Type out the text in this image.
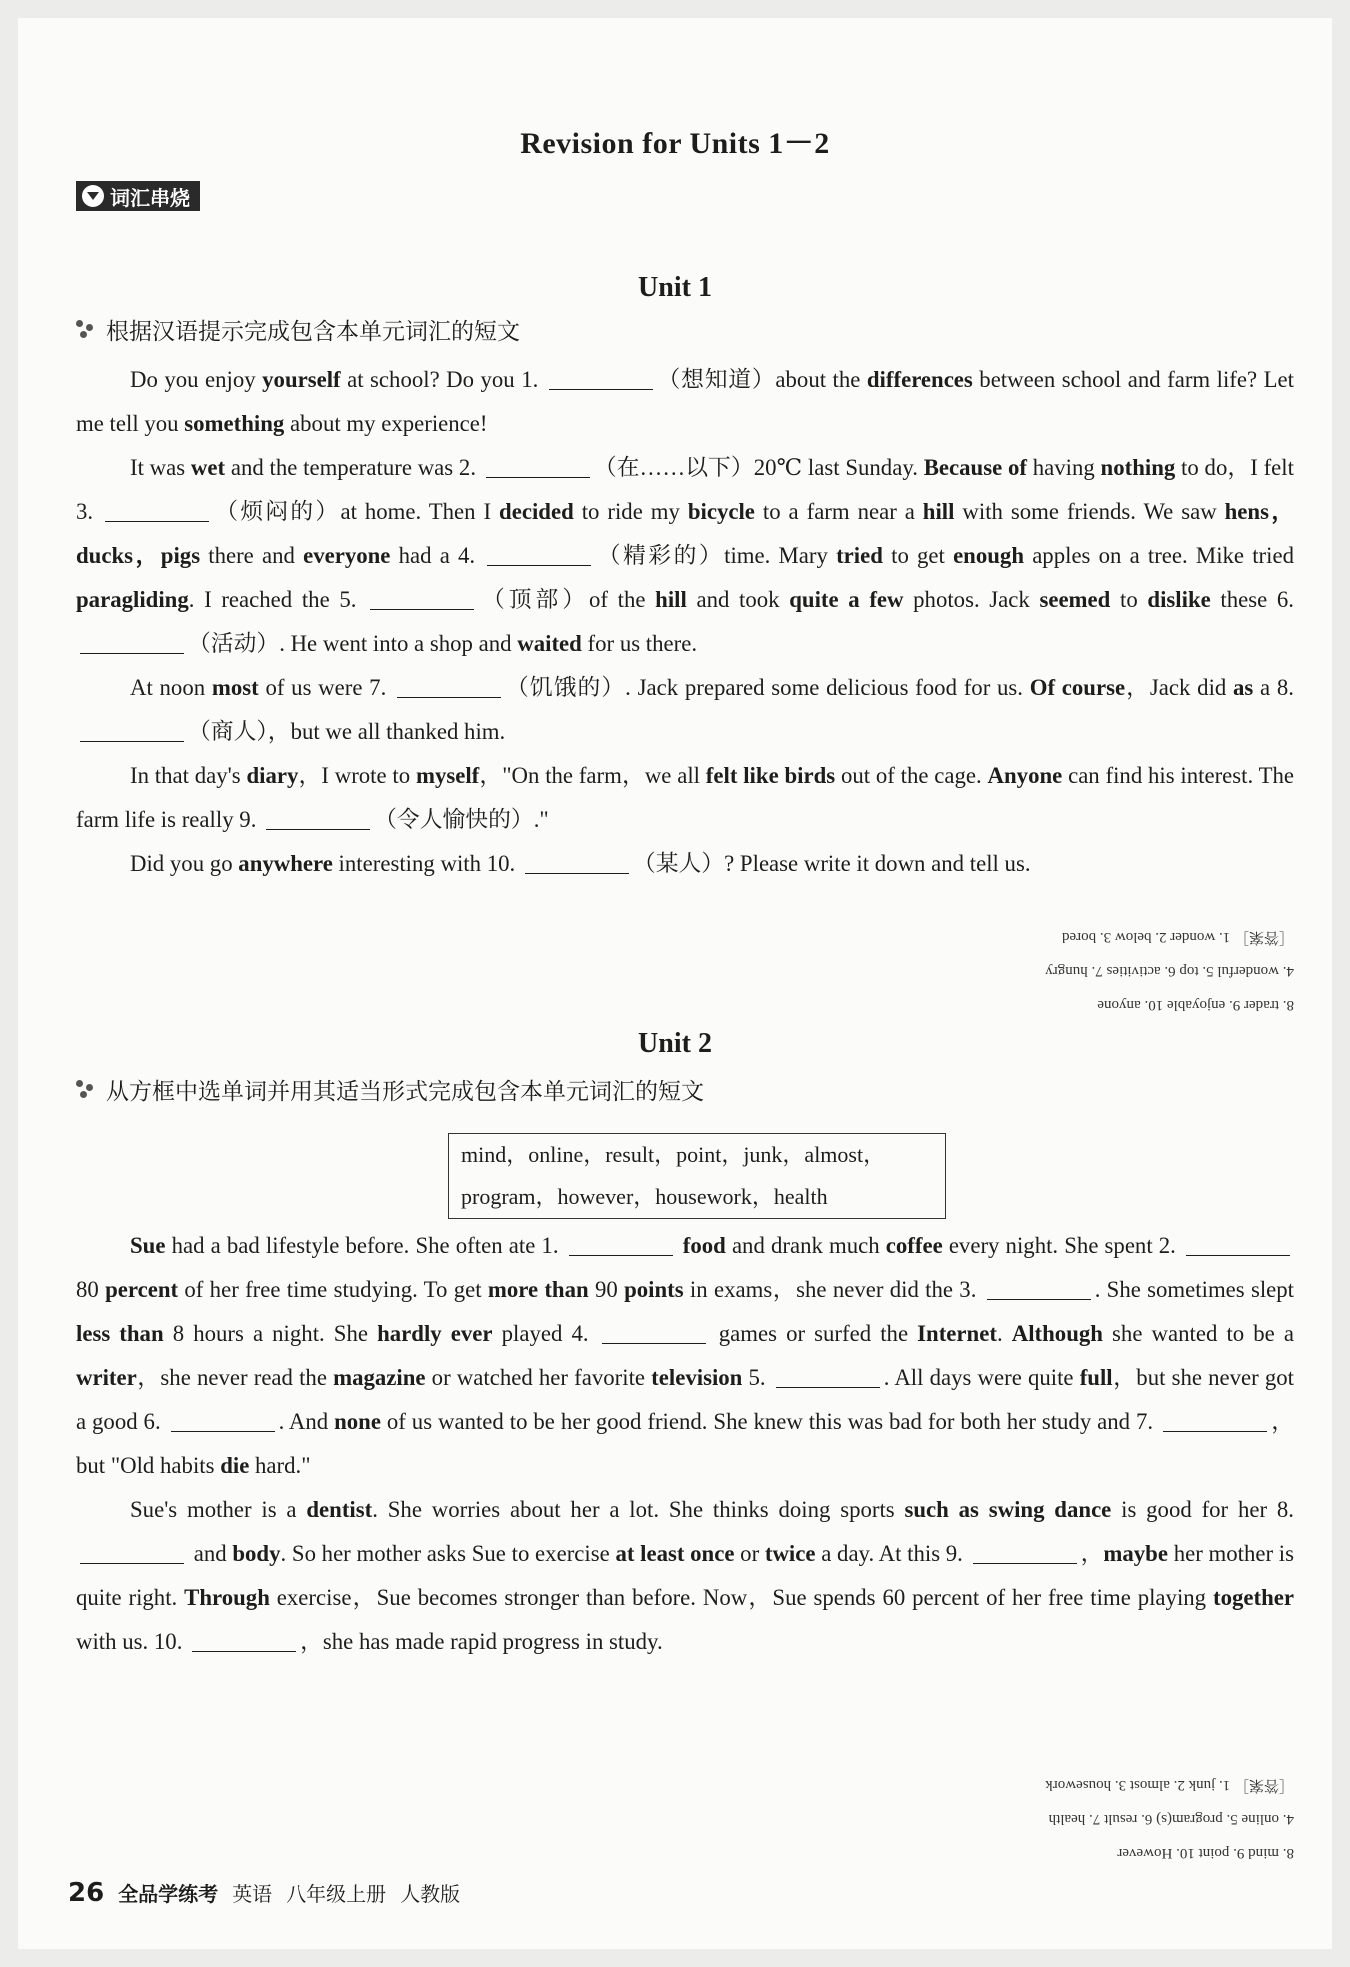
Revision for Units 1－2
词汇串烧
Unit 1
根据汉语提示完成包含本单元词汇的短文

Do you enjoy yourself at school? Do you 1.	（想知道）about the differences between school and farm life? Let me tell you something about my experience!

It was wet and the temperature was 2.	（在……以下）20℃ last Sunday. Because of having nothing to do，I felt 3.	（烦闷的）at home. Then I decided to ride my bicycle to a farm near a hill with some friends. We saw hens，ducks，pigs there and everyone had a 4.	（精彩的）time. Mary tried to get enough apples on a tree. Mike tried paragliding. I reached the 5.	（顶部）of the hill and took quite a few photos. Jack seemed to dislike these 6. （活动）. He went into a shop and waited for us there.

At noon most of us were 7.	（饥饿的）. Jack prepared some delicious food for us. Of course，Jack did as a 8. （商人），but we all thanked him.

In that day's diary，I wrote to myself，"On the farm，we all felt like birds out of the cage. Anyone can find his interest. The farm life is really 9.	（令人愉快的）."

Did you go anywhere interesting with 10.	（某人）? Please write it down and tell us.

8. trader 9. enjoyable 10. anyone
4. wonderful 5. top 6. activities 7. hungry
［答案］ 1. wonder 2. below 3. bored
Unit 2
从方框中选单词并用其适当形式完成包含本单元词汇的短文
mind，online，result，point，junk，almost，
program，however，housework，health

Sue had a bad lifestyle before. She often ate 1.	food and drank much coffee every night. She spent 2.  80 percent of her free time studying. To get more than 90 points in exams，she never did the 3.	. She sometimes slept less than 8 hours a night. She hardly ever played 4.	games or surfed the Internet. Although she wanted to be a writer，she never read the magazine or watched her favorite television 5.	. All days were quite full，but she never got a good 6.	. And none of us wanted to be her good friend. She knew this was bad for both her study and 7.	，but "Old habits die hard."

Sue's mother is a dentist. She worries about her a lot. She thinks doing sports such as swing dance is good for her 8.  and body. So her mother asks Sue to exercise at least once or twice a day. At this 9.	，maybe her mother is quite right. Through exercise，Sue becomes stronger than before. Now，Sue spends 60 percent of her free time playing together with us. 10.	，she has made rapid progress in study.

8. mind 9. point 10. However
4. online 5. program(s) 6. result 7. health
［答案］ 1. junk 2. almost 3. housework
26 全品学练考 英语 八年级上册 人教版
